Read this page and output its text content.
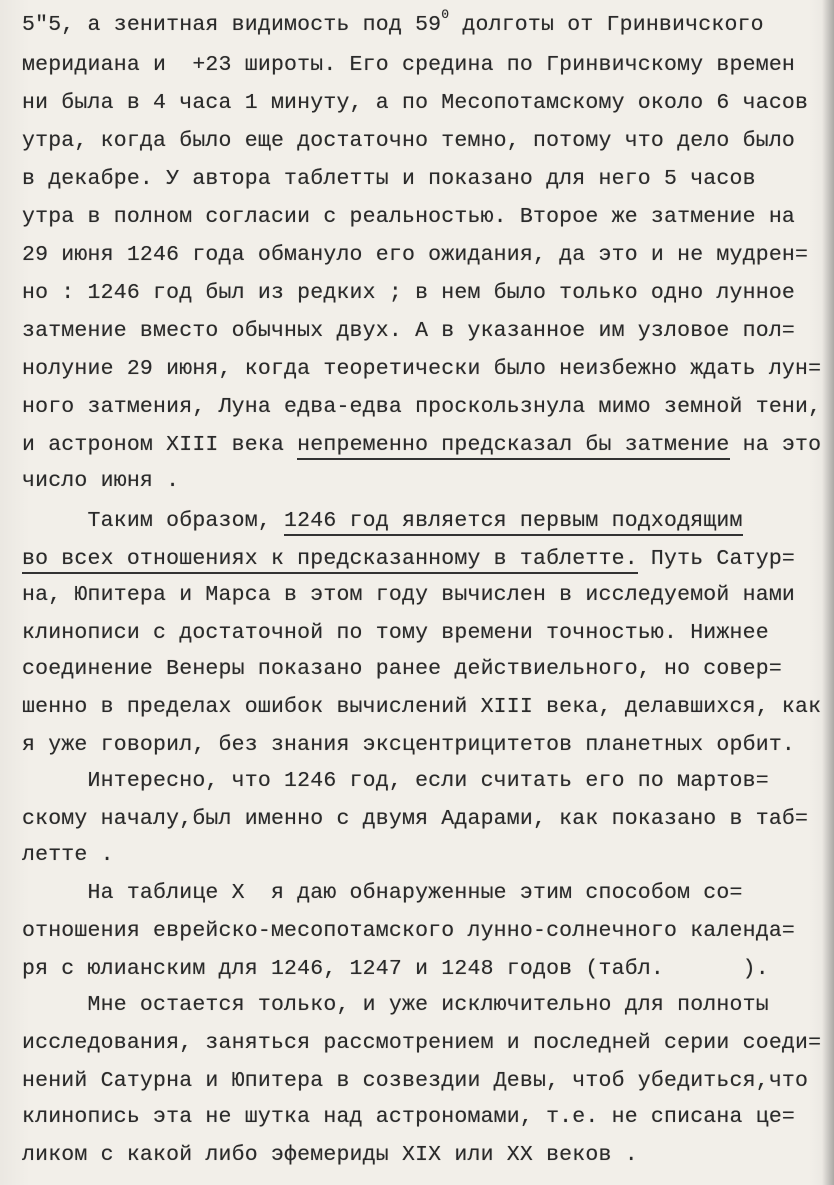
5"5, а зенитная видимость под $59^0$ долготы от Гринвичского
меридиана и  +23 широты. Его средина по Гринвичскому времен
ни была в 4 часа 1 минуту, а по Месопотамскому около 6 часов
утра, когда было еще достаточно темно, потому что дело было
в декабре. У автора таблетты и показано для него 5 часов
утра в полном согласии с реальностью. Второе же затмение на
29 июня 1246 года обмануло его ожидания, да это и не мудрен=
но : 1246 год был из редких ; в нем было только одно лунное
затмение вместо обычных двух. А в указанное им узловое пол=
нолуние 29 июня, когда теоретически было неизбежно ждать лун=
ного затмения, Луна едва-едва проскользнула мимо земной тени,
и астроном XIII века непременно предсказал бы затмение на это
число июня .
Таким образом, 1246 год является первым подходящим
во всех отношениях к предсказанному в таблетте. Путь Сатур=
на, Юпитера и Марса в этом году вычислен в исследуемой нами
клинописи с достаточной по тому времени точностью. Нижнее
соединение Венеры показано ранее действиельного, но совер=
шенно в пределах ошибок вычислений XIII века, делавшихся, как
я уже говорил, без знания эксцентрицитетов планетных орбит.
Интересно, что 1246 год, если считать его по мартов=
скому началу,был именно с двумя Адарами, как показано в таб=
летте .
На таблице X  я даю обнаруженные этим способом со=
отношения еврейско-месопотамского лунно-солнечного календа=
ря с юлианским для 1246, 1247 и 1248 годов (табл.      ).
Мне остается только, и уже исключительно для полноты
исследования, заняться рассмотрением и последней серии соеди=
нений Сатурна и Юпитера в созвездии Девы, чтоб убедиться,что
клинопись эта не шутка над астрономами, т.е. не списана це=
ликом с какой либо эфемериды XIX или XX веков .
